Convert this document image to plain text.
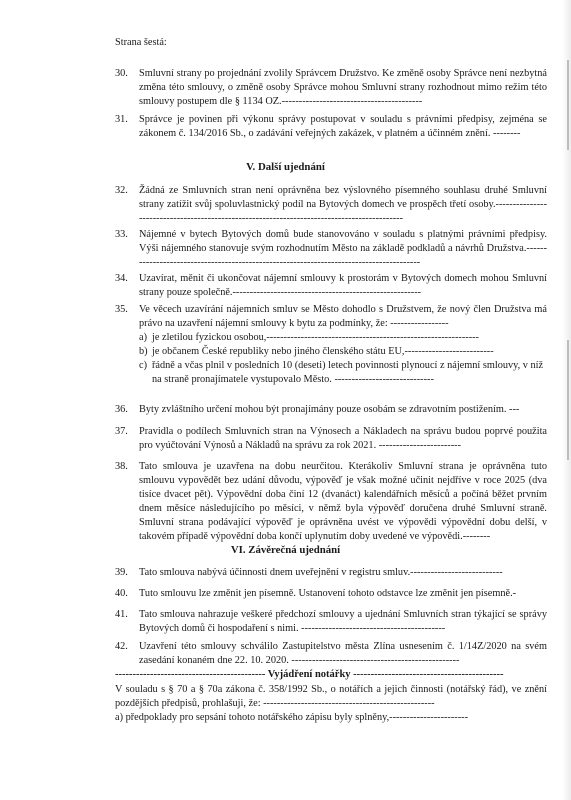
Strana šestá:
30.	Smluvní strany po projednání zvolily Správcem Družstvo. Ke změně osoby Správce není nezbytná změna této smlouvy, o změně osoby Správce mohou Smluvní strany rozhodnout mimo režim této smlouvy postupem dle § 1134 OZ.-----------------------------------------
31.	Správce je povinen při výkonu správy postupovat v souladu s právními předpisy, zejména se zákonem č. 134/2016 Sb., o zadávání veřejných zakázek, v platném a účinném znění. --------
V. Další ujednání
32.	Žádná ze Smluvních stran není oprávněna bez výslovného písemného souhlasu druhé Smluvní strany zatížit svůj spoluvlastnický podíl na Bytových domech ve prospěch třetí osoby.--------------------------------------------------------------------------------------------
33.	Nájemné v bytech Bytových domů bude stanovováno v souladu s platnými právními předpisy. Výši nájemného stanovuje svým rozhodnutím Město na základě podkladů a návrhů Družstva.----------------------------------------------------------------------------------------
34.	Uzavírat, měnit či ukončovat nájemní smlouvy k prostorám v Bytových domech mohou Smluvní strany pouze společně.-------------------------------------------------------
35.	Ve věcech uzavírání nájemních smluv se Město dohodlo s Družstvem, že nový člen Družstva má právo na uzavření nájemní smlouvy k bytu za podmínky, že: -----------------
a) je zletilou fyzickou osobou,--------------------------------------------------------------
b) je občanem České republiky nebo jiného členského státu EU,--------------------------
c) řádně a včas plnil v posledních 10 (deseti) letech povinnosti plynoucí z nájemní smlouvy, v níž na straně pronajímatele vystupovalo Město. -----------------------------
36.	Byty zvláštního určení mohou být pronajímány pouze osobám se zdravotním postižením. ---
37.	Pravidla o podílech Smluvních stran na Výnosech a Nákladech na správu budou poprvé použita pro vyúčtování Výnosů a Nákladů na správu za rok 2021. ------------------------
38.	Tato smlouva je uzavřena na dobu neurčitou. Kterákoliv Smluvní strana je oprávněna tuto smlouvu vypovědět bez udání důvodu, výpověď je však možné učinit nejdříve v roce 2025 (dva tisíce dvacet pět). Výpovědní doba činí 12 (dvanáct) kalendářních měsíců a počíná běžet prvním dnem měsíce následujícího po měsíci, v němž byla výpověď doručena druhé Smluvní straně. Smluvní strana podávající výpověď je oprávněna uvést ve výpovědi výpovědní dobu delší, v takovém případě výpovědní doba končí uplynutím doby uvedené ve výpovědi.--------
VI. Závěrečná ujednání
39.	Tato smlouva nabývá účinnosti dnem uveřejnění v registru smluv.---------------------------
40.	Tuto smlouvu lze změnit jen písemně. Ustanovení tohoto odstavce lze změnit jen písemně.-
41.	Tato smlouva nahrazuje veškeré předchozí smlouvy a ujednání Smluvních stran týkající se správy Bytových domů či hospodaření s nimi. ------------------------------------------
42.	Uzavření této smlouvy schválilo Zastupitelstvo města Zlína usnesením č. 1/14Z/2020 na svém zasedání konaném dne 22. 10. 2020. -------------------------------------------------
------------------------------------------- Vyjádření notářky -------------------------------------------
V souladu s § 70 a § 70a zákona č. 358/1992 Sb., o notářích a jejich činnosti (notářský řád), ve znění pozdějších předpisů, prohlašuji, že: --------------------------------------------------
a) předpoklady pro sepsání tohoto notářského zápisu byly splněny,-----------------------
